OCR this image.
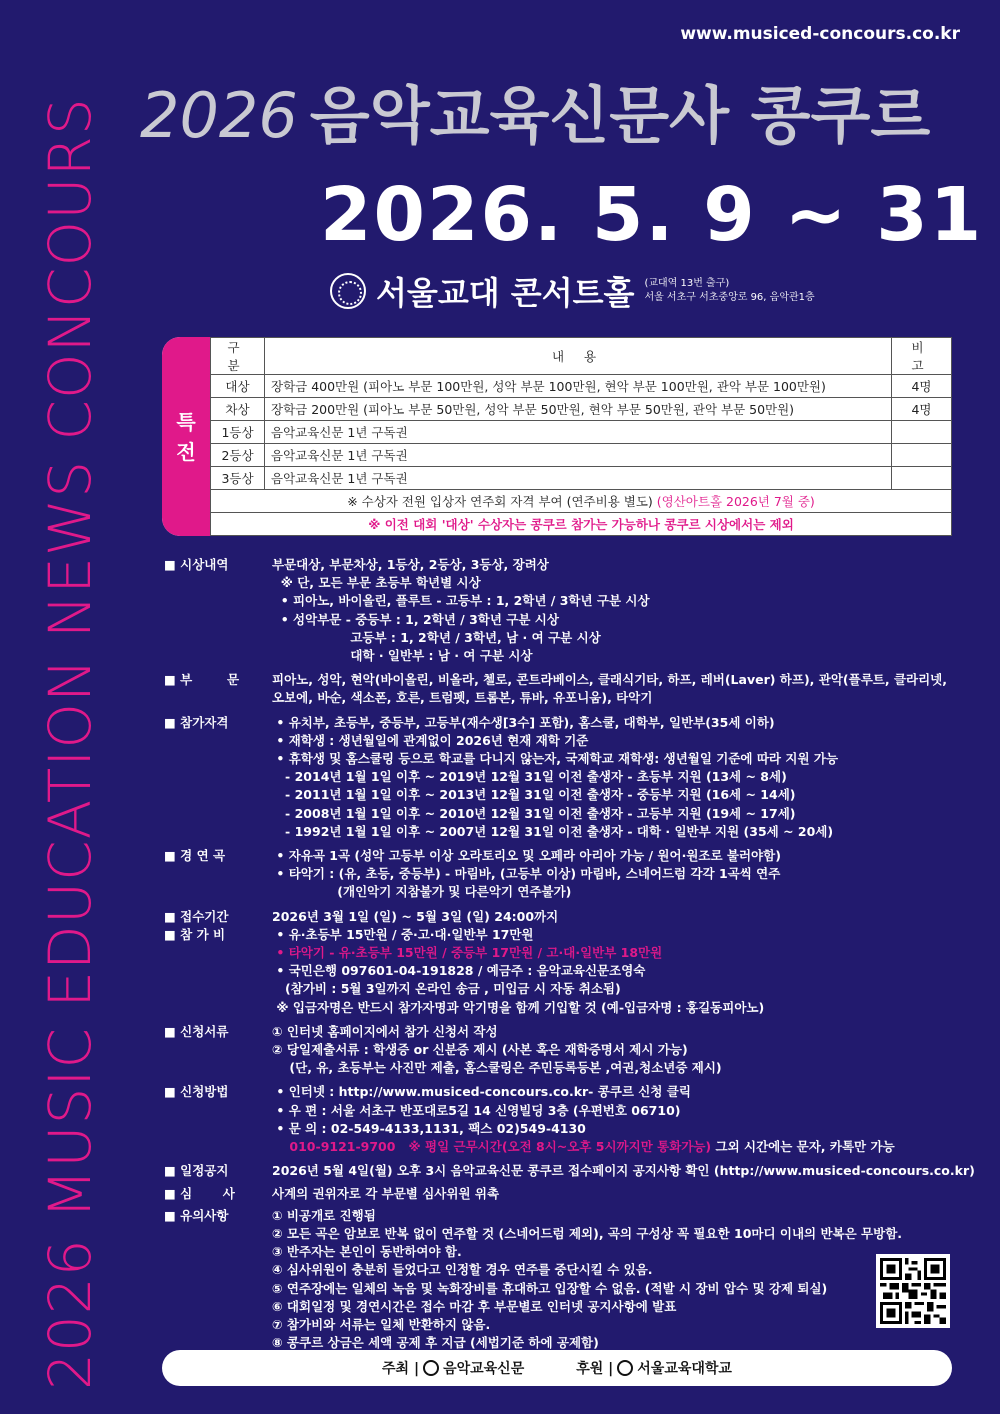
2026 MUSIC EDUCATION NEWS CONCOURS
www.musiced-concours.co.kr
2026 음악교육신문사 콩쿠르
2026. 5. 9 ~ 31
서울교대 콘서트홀 (교대역 13번 출구)
서울 서초구 서초중앙로 96, 음악관1층
특
전
구 분	내 용	비 고
대상	장학금 400만원 (피아노 부문 100만원, 성악 부문 100만원, 현악 부문 100만원, 관악 부문 100만원)	4명
차상	장학금 200만원 (피아노 부문 50만원, 성악 부문 50만원, 현악 부문 50만원, 관악 부문 50만원)	4명
1등상	음악교육신문 1년 구독권	
2등상	음악교육신문 1년 구독권	
3등상	음악교육신문 1년 구독권	
※ 수상자 전원 입상자 연주회 자격 부여 (연주비용 별도) (영산아트홀 2026년 7월 중)		
※ 이전 대회 '대상' 수상자는 콩쿠르 참가는 가능하나 콩쿠르 시상에서는 제외		
■ 시상내역	부문대상, 부문차상, 1등상, 2등상, 3등상, 장려상
※ 단, 모든 부문 초등부 학년별 시상
• 피아노, 바이올린, 플루트 - 고등부 : 1, 2학년 / 3학년 구분 시상
• 성악부문 - 중등부 : 1, 2학년 / 3학년 구분 시상
고등부 : 1, 2학년 / 3학년, 남 · 여 구분 시상
대학 · 일반부 : 남 · 여 구분 시상
■ 부        문	피아노, 성악, 현악(바이올린, 비올라, 첼로, 콘트라베이스, 클래식기타, 하프, 레버(Laver) 하프), 관악(플루트, 클라리넷,
오보에, 바순, 색소폰, 호른, 트럼펫, 트롬본, 튜바, 유포니움), 타악기
■ 참가자격	• 유치부, 초등부, 중등부, 고등부(재수생[3수] 포함), 홈스쿨, 대학부, 일반부(35세 이하)
• 재학생 : 생년월일에 관계없이 2026년 현재 재학 기준
• 휴학생 및 홈스쿨링 등으로 학교를 다니지 않는자, 국제학교 재학생: 생년월일 기준에 따라 지원 가능
- 2014년 1월 1일 이후 ~ 2019년 12월 31일 이전 출생자 - 초등부 지원 (13세 ~ 8세)
- 2011년 1월 1일 이후 ~ 2013년 12월 31일 이전 출생자 - 중등부 지원 (16세 ~ 14세)
- 2008년 1월 1일 이후 ~ 2010년 12월 31일 이전 출생자 - 고등부 지원 (19세 ~ 17세)
- 1992년 1월 1일 이후 ~ 2007년 12월 31일 이전 출생자 - 대학 · 일반부 지원 (35세 ~ 20세)
■ 경 연 곡	• 자유곡 1곡 (성악 고등부 이상 오라토리오 및 오페라 아리아 가능 / 원어·원조로 불러야함)
• 타악기 : (유, 초등, 중등부) - 마림바, (고등부 이상) 마림바, 스네어드럼 각각 1곡씩 연주
(개인악기 지참불가 및 다른악기 연주불가)
■ 접수기간	2026년 3월 1일 (일) ~ 5월 3일 (일) 24:00까지
■ 참 가 비	• 유·초등부 15만원 / 중·고·대·일반부 17만원
• 타악기 - 유·초등부 15만원 / 중등부 17만원 / 고·대·일반부 18만원
• 국민은행 097601-04-191828 / 예금주 : 음악교육신문조영숙
(참가비 : 5월 3일까지 온라인 송금 , 미입금 시 자동 취소됨)
※ 입금자명은 반드시 참가자명과 악기명을 함께 기입할 것 (예-입금자명 : 홍길동피아노)
■ 신청서류	① 인터넷 홈페이지에서 참가 신청서 작성
② 당일제출서류 : 학생증 or 신분증 제시 (사본 혹은 재학증명서 제시 가능)
(단, 유, 초등부는 사진만 제출, 홈스쿨링은 주민등록등본 ,여권,청소년증 제시)
■ 신청방법	• 인터넷 : http://www.musiced-concours.co.kr- 콩쿠르 신청 클릭
• 우 편 : 서울 서초구 반포대로5길 14 신영빌딩 3층 (우편번호 06710)
• 문 의 : 02-549-4133,1131, 팩스 02)549-4130
010-9121-9700   ※ 평일 근무시간(오전 8시~오후 5시까지만 통화가능) 그외 시간에는 문자, 카톡만 가능
■ 일정공지	2026년 5월 4일(월) 오후 3시 음악교육신문 콩쿠르 접수페이지 공지사항 확인 (http://www.musiced-concours.co.kr)
■ 심       사	사계의 권위자로 각 부문별 심사위원 위촉
■ 유의사항	① 비공개로 진행됨
② 모든 곡은 암보로 반복 없이 연주할 것 (스네어드럼 제외), 곡의 구성상 꼭 필요한 10마디 이내의 반복은 무방함.
③ 반주자는 본인이 동반하여야 함.
④ 심사위원이 충분히 들었다고 인정할 경우 연주를 중단시킬 수 있음.
⑤ 연주장에는 일체의 녹음 및 녹화장비를 휴대하고 입장할 수 없음. (적발 시 장비 압수 및 강제 퇴실)
⑥ 대회일정 및 경연시간은 접수 마감 후 부문별로 인터넷 공지사항에 발표
⑦ 참가비와 서류는 일체 반환하지 않음.
⑧ 콩쿠르 상금은 세액 공제 후 지급 (세법기준 하에 공제함)
주최 | 음악교육신문	후원 | 서울교육대학교
